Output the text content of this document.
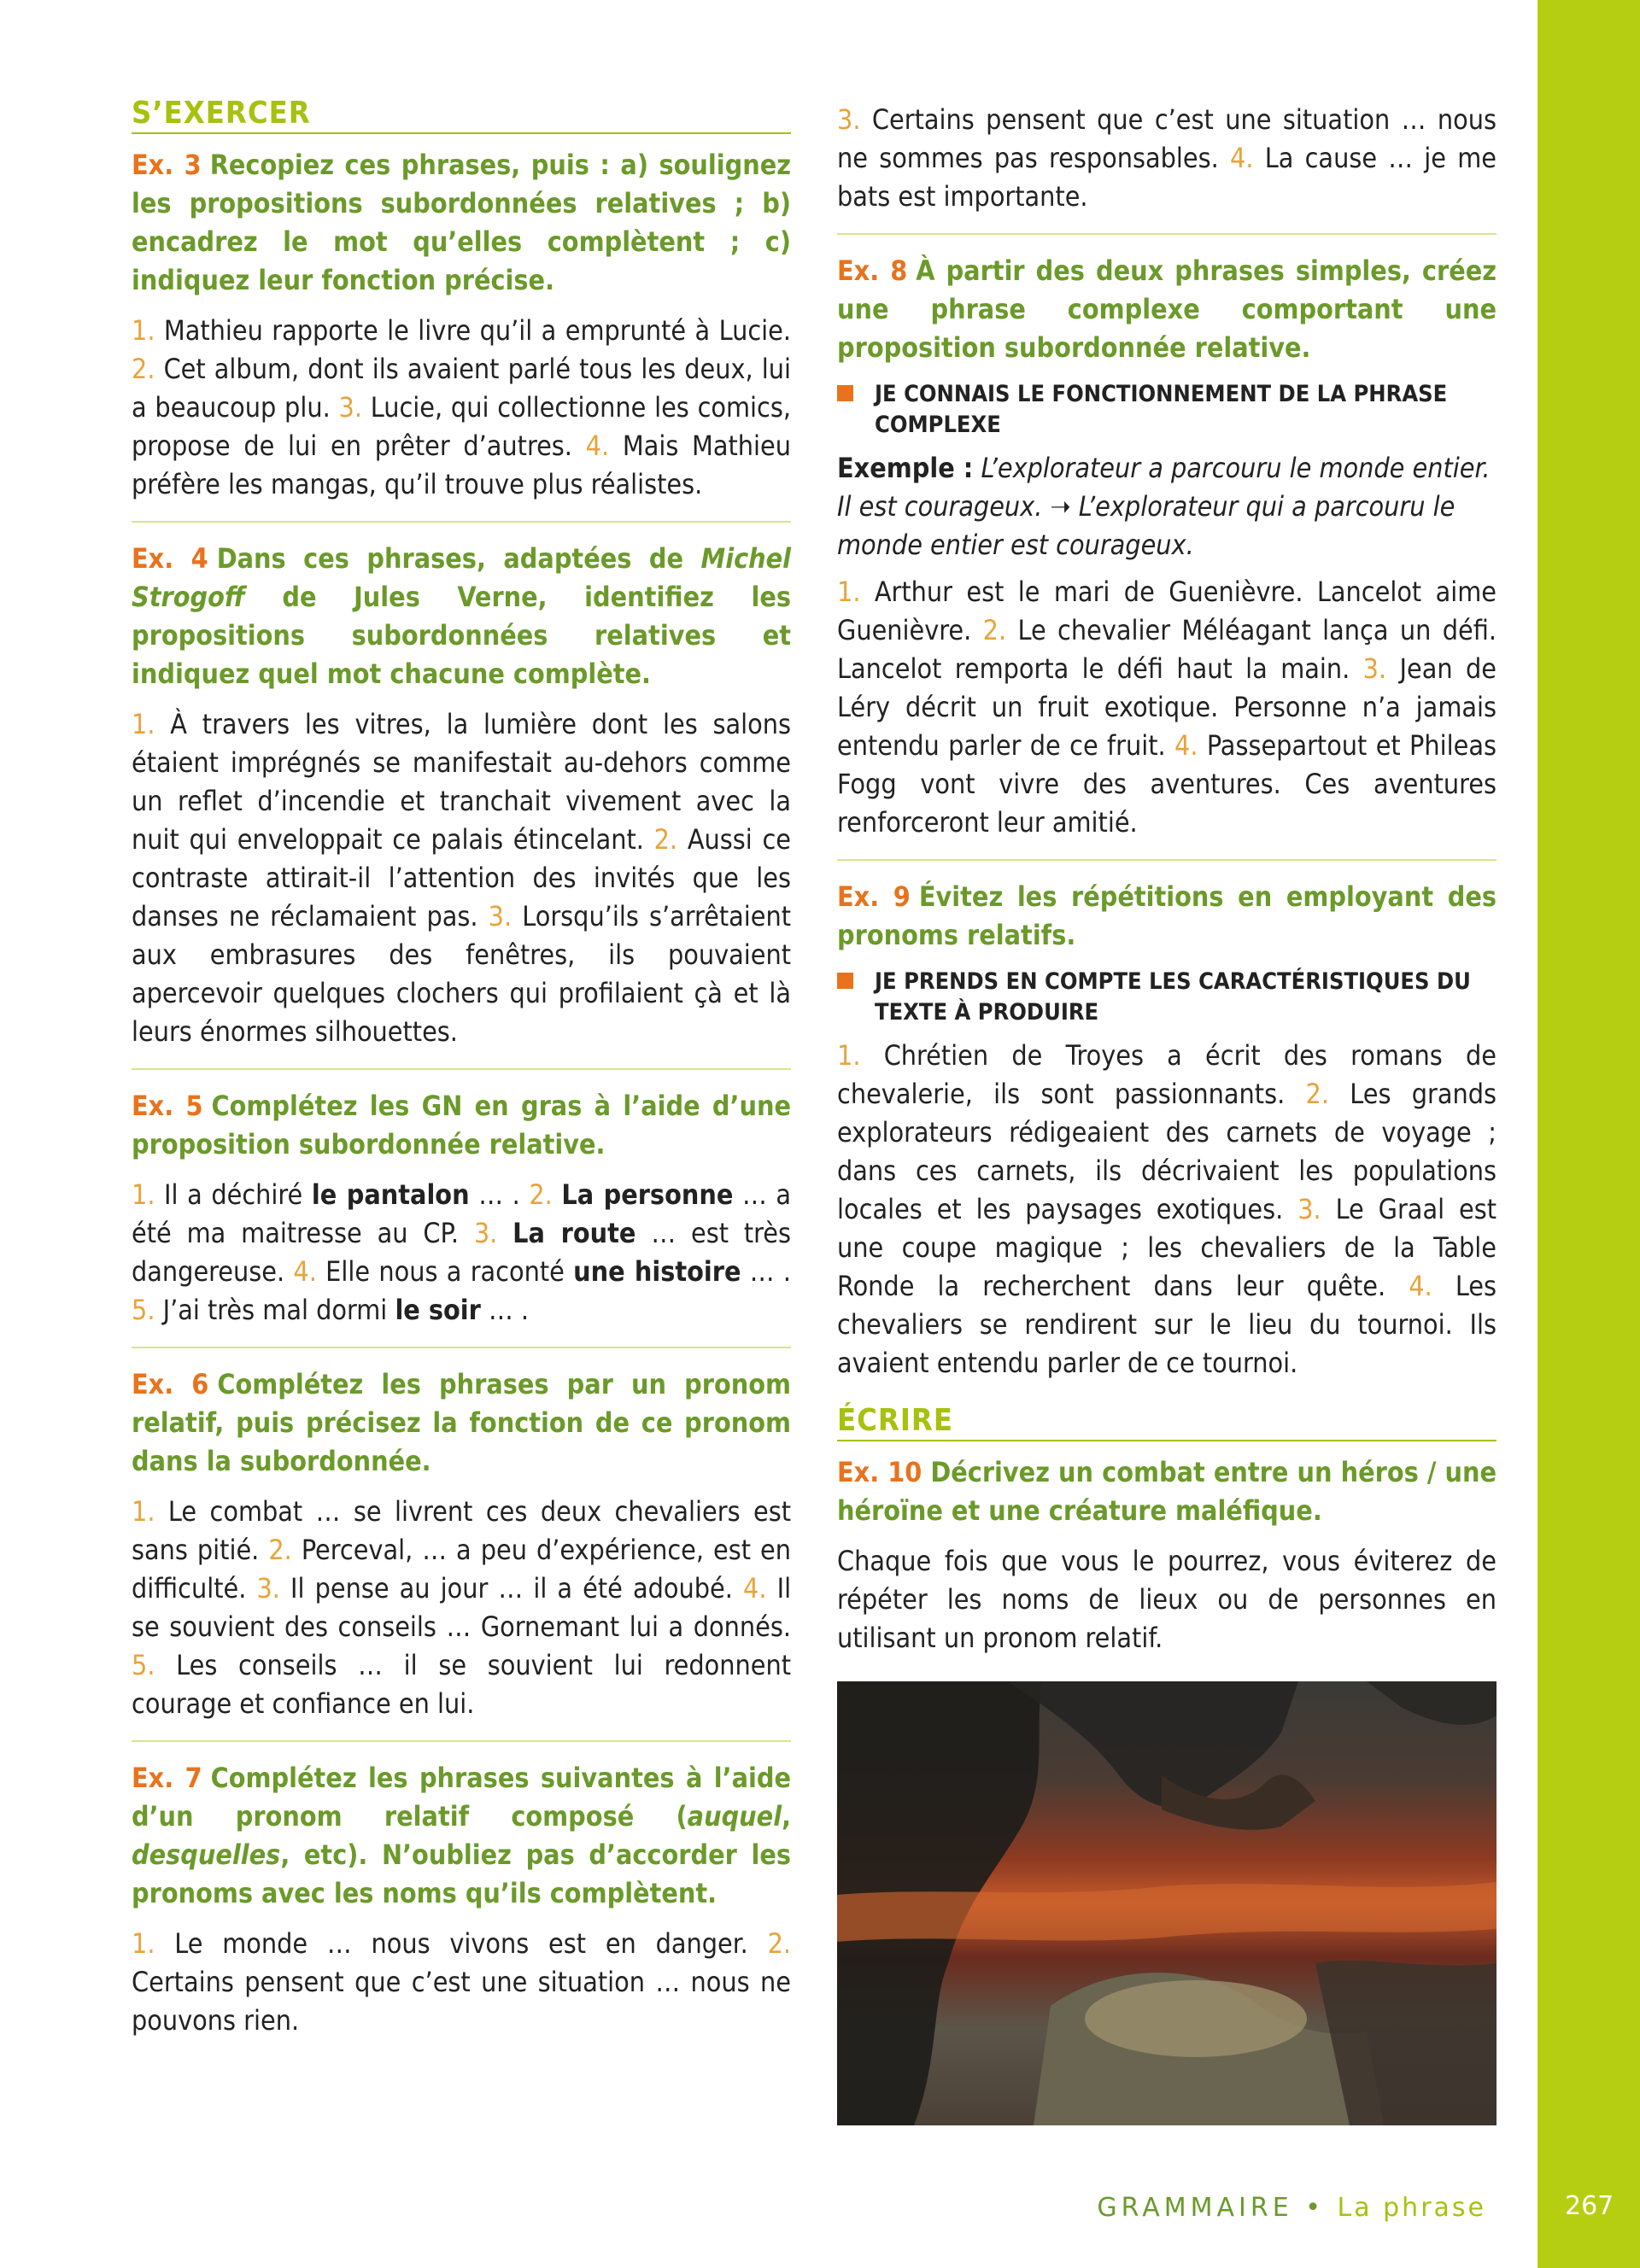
S’EXERCER

Ex. 3 Recopiez ces phrases, puis : a) soulignez les propositions subordonnées relatives ; b) encadrez le mot qu’elles complètent ; c) indiquez leur fonction précise.

1. Mathieu rapporte le livre qu’il a emprunté à Lucie. 2. Cet album, dont ils avaient parlé tous les deux, lui a beaucoup plu. 3. Lucie, qui collectionne les comics, propose de lui en prêter d’autres. 4. Mais Mathieu préfère les mangas, qu’il trouve plus réalistes.

Ex. 4 Dans ces phrases, adaptées de Michel Strogoff de Jules Verne, identifiez les propositions subordonnées relatives et indiquez quel mot chacune complète.

1. À travers les vitres, la lumière dont les salons étaient imprégnés se manifestait au-dehors comme un reflet d’incendie et tranchait vivement avec la nuit qui enveloppait ce palais étincelant. 2. Aussi ce contraste attirait-il l’attention des invités que les danses ne réclamaient pas. 3. Lorsqu’ils s’arrêtaient aux embrasures des fenêtres, ils pouvaient apercevoir quelques clochers qui profilaient çà et là leurs énormes silhouettes.

Ex. 5 Complétez les GN en gras à l’aide d’une proposition subordonnée relative.

1. Il a déchiré le pantalon … . 2. La personne … a été ma maitresse au CP. 3. La route … est très dangereuse. 4. Elle nous a raconté une histoire … . 5. J’ai très mal dormi le soir … .

Ex. 6 Complétez les phrases par un pronom relatif, puis précisez la fonction de ce pronom dans la subordonnée.

1. Le combat … se livrent ces deux chevaliers est sans pitié. 2. Perceval, … a peu d’expérience, est en difficulté. 3. Il pense au jour … il a été adoubé. 4. Il se souvient des conseils … Gornemant lui a donnés. 5. Les conseils … il se souvient lui redonnent courage et confiance en lui.

Ex. 7 Complétez les phrases suivantes à l’aide d’un pronom relatif composé (auquel, desquelles, etc). N’oubliez pas d’accorder les pronoms avec les noms qu’ils complètent.

1. Le monde … nous vivons est en danger. 2. Certains pensent que c’est une situation … nous ne pouvons rien.

3. Certains pensent que c’est une situation … nous ne sommes pas responsables. 4. La cause … je me bats est importante.

Ex. 8 À partir des deux phrases simples, créez une phrase complexe comportant une proposition subordonnée relative.

JE CONNAIS LE FONCTIONNEMENT DE LA PHRASE COMPLEXE

Exemple : L’explorateur a parcouru le monde entier. Il est courageux. ➝ L’explorateur qui a parcouru le monde entier est courageux.

1. Arthur est le mari de Guenièvre. Lancelot aime Guenièvre. 2. Le chevalier Méléagant lança un défi. Lancelot remporta le défi haut la main. 3. Jean de Léry décrit un fruit exotique. Personne n’a jamais entendu parler de ce fruit. 4. Passepartout et Phileas Fogg vont vivre des aventures. Ces aventures renforceront leur amitié.

Ex. 9 Évitez les répétitions en employant des pronoms relatifs.

JE PRENDS EN COMPTE LES CARACTÉRISTIQUES DU TEXTE À PRODUIRE

1. Chrétien de Troyes a écrit des romans de chevalerie, ils sont passionnants. 2. Les grands explorateurs rédigeaient des carnets de voyage ; dans ces carnets, ils décrivaient les populations locales et les paysages exotiques. 3. Le Graal est une coupe magique ; les chevaliers de la Table Ronde la recherchent dans leur quête. 4. Les chevaliers se rendirent sur le lieu du tournoi. Ils avaient entendu parler de ce tournoi.

ÉCRIRE

Ex. 10 Décrivez un combat entre un héros / une héroïne et une créature maléfique.

Chaque fois que vous le pourrez, vous éviterez de répéter les noms de lieux ou de personnes en utilisant un pronom relatif.

GRAMMAIRE • La phrase	267
